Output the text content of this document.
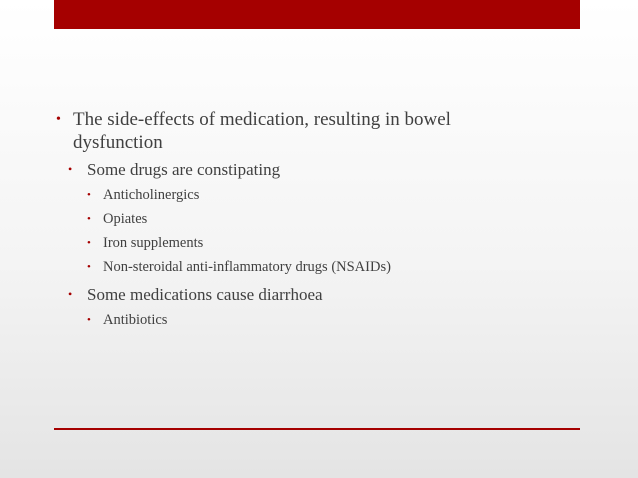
• The side-effects of medication, resulting in bowel dysfunction

• Some drugs are constipating

• Anticholinergics

• Opiates

• Iron supplements

• Non-steroidal anti-inflammatory drugs (NSAIDs)

• Some medications cause diarrhoea

• Antibiotics
